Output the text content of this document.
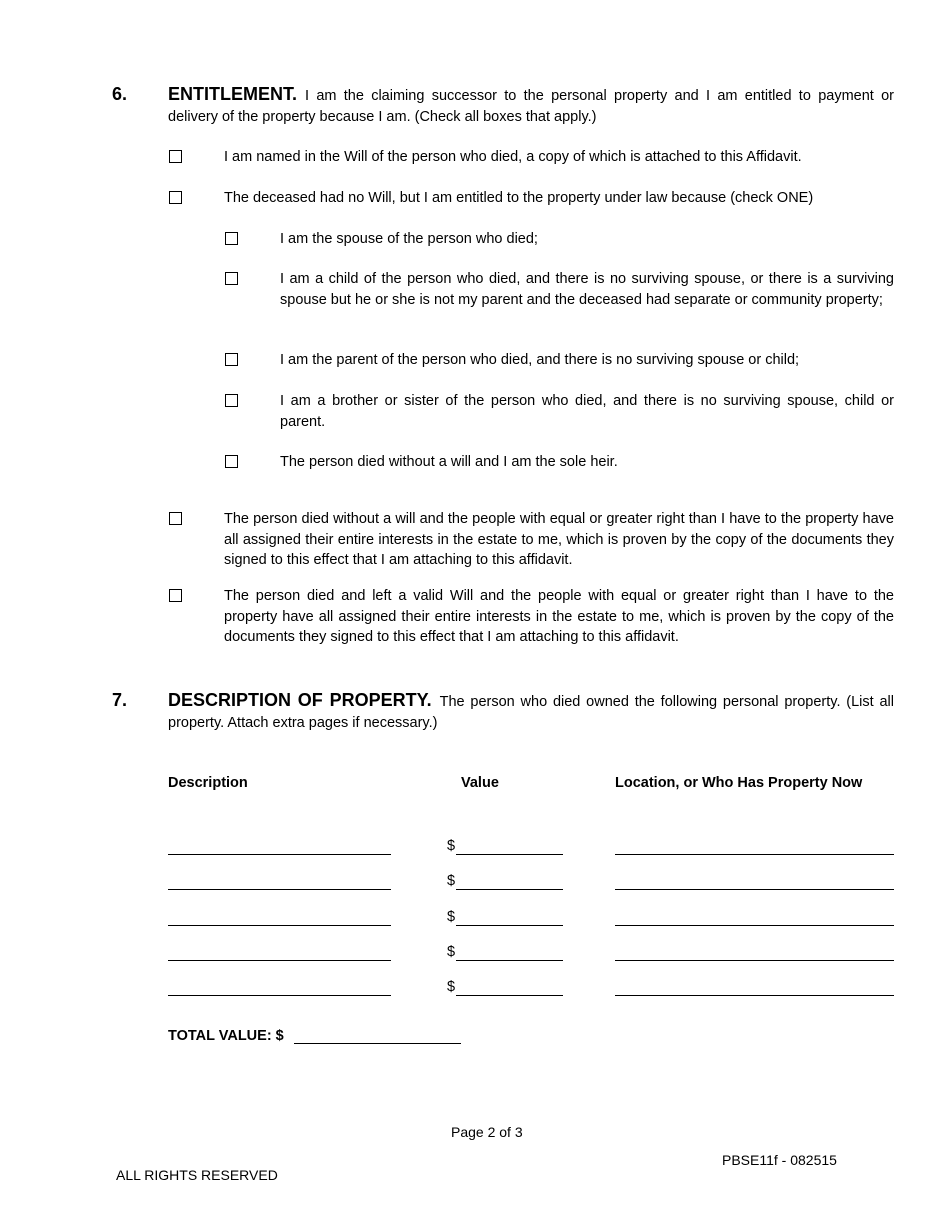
6. ENTITLEMENT. I am the claiming successor to the personal property and I am entitled to payment or delivery of the property because I am. (Check all boxes that apply.)
I am named in the Will of the person who died, a copy of which is attached to this Affidavit.
The deceased had no Will, but I am entitled to the property under law because (check ONE)
I am the spouse of the person who died;
I am a child of the person who died, and there is no surviving spouse, or there is a surviving spouse but he or she is not my parent and the deceased had separate or community property;
I am the parent of the person who died, and there is no surviving spouse or child;
I am a brother or sister of the person who died, and there is no surviving spouse, child or parent.
The person died without a will and I am the sole heir.
The person died without a will and the people with equal or greater right than I have to the property have all assigned their entire interests in the estate to me, which is proven by the copy of the documents they signed to this effect that I am attaching to this affidavit.
The person died and left a valid Will and the people with equal or greater right than I have to the property have all assigned their entire interests in the estate to me, which is proven by the copy of the documents they signed to this effect that I am attaching to this affidavit.
7. DESCRIPTION OF PROPERTY. The person who died owned the following personal property. (List all property. Attach extra pages if necessary.)
Description	Value	Location, or Who Has Property Now
$
$
$
$
$
TOTAL VALUE: $
Page 2 of 3
PBSE11f - 082515
ALL RIGHTS RESERVED
